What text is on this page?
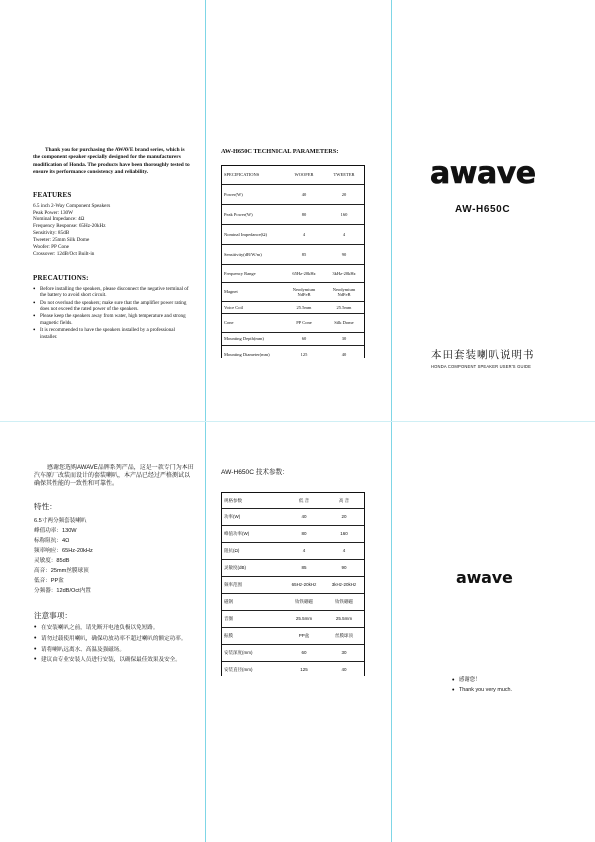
Thank you for purchasing the AWAVE brand series, which is the component speaker specially designed for the manufacturers modification of Honda. The products have been thoroughly tested to ensure its performance consistency and reliability.

FEATURES

6.5 inch 2-Way Component Speakers

Peak Power: 130W

Nominal Impedance: 4Ω

Frequency Response: 65Hz-20kHz

Sensitivity: 85dB

Tweeter: 25mm Silk Dome

Woofer: PP Cone

Crossover: 12dB/Oct Built-in

PRECAUTIONS:
• Before installing the speakers, please disconnect the negative terminal of the battery to avoid short circuit.
• Do not overload the speakers; make sure that the amplifier power rating does not exceed the rated power of the speakers.
• Please keep the speakers away from water, high temperature and strong magnetic fields.
• It is recommended to have the speakers installed by a professional installer.
AW-H650C TECHNICAL PARAMETERS:
SPECIFICATIONS	WOOFER	TWEETER
Power(W)	40	20
Peak Power(W)	80	160
Nominal Impedance(Ω)	4	4
Sensitivity(dB/W/m)	85	90
Frequency Range	65Hz-20kHz	3kHz-20kHz
Magnet	Neodymium NdFeB	Neodymium NdFeB
Voice Coil	25.5mm	25.5mm
Cone	PP Cone	Silk Dome
Mounting Depth(mm)	60	30
Mounting Diameter(mm)	125	40
awave
AW-H650C
本田套装喇叭说明书
HONDA COMPONENT SPEAKER USER'S GUIDE

感谢您选购AWAVE品牌系列产品，这是一款专门为本田汽车原厂改装而设计的套装喇叭，本产品已经过严格测试以确保其性能的一致性和可靠性。

特性：

6.5寸两分频套装喇叭

峰值功率：130W

标称阻抗：4Ω

频率响应：65Hz-20kHz

灵敏度：85dB

高音：25mm丝膜球顶

低音：PP盆

分频器：12dB/Oct内置

注意事项：
• 在安装喇叭之前，请先断开电池负极以免短路。
• 请勿过载使用喇叭，确保功放功率不超过喇叭的额定功率。
• 请将喇叭远离水、高温及强磁场。
• 建议由专业安装人员进行安装，以确保最佳效果及安全。
AW-H650C 技术参数：
规格参数	低 音	高 音
功率(W)	40	20
峰值功率(W)	80	160
阻抗(Ω)	4	4
灵敏度(dB)	85	90
频率范围	65Hz-20kHz	3kHz-20kHz
磁钢	钕铁硼磁	钕铁硼磁
音圈	25.5mm	25.5mm
振膜	PP盆	丝膜球顶
安装深度(mm)	60	30
安装直径(mm)	125	40
awave
• 感谢您！
• Thank you very much.
